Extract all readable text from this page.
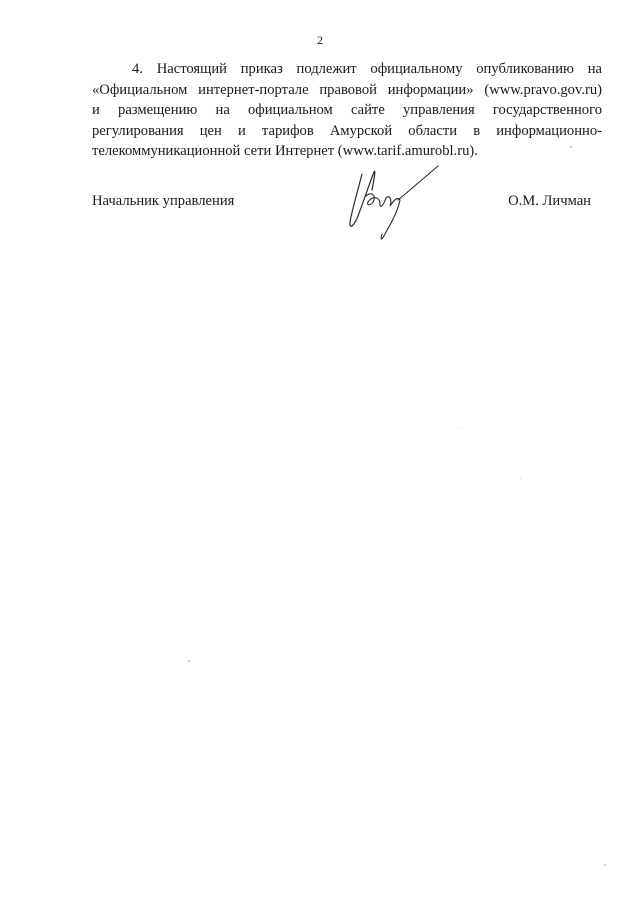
2

4. Настоящий приказ подлежит официальному опубликованию на
«Официальном интернет-портале правовой информации» (www.pravo.gov.ru)
и размещению на официальном сайте управления государственного
регулирования цен и тарифов Амурской области в информационно-
телекоммуникационной сети Интернет (www.tarif.amurobl.ru).

Начальник управления	О.М. Личман
